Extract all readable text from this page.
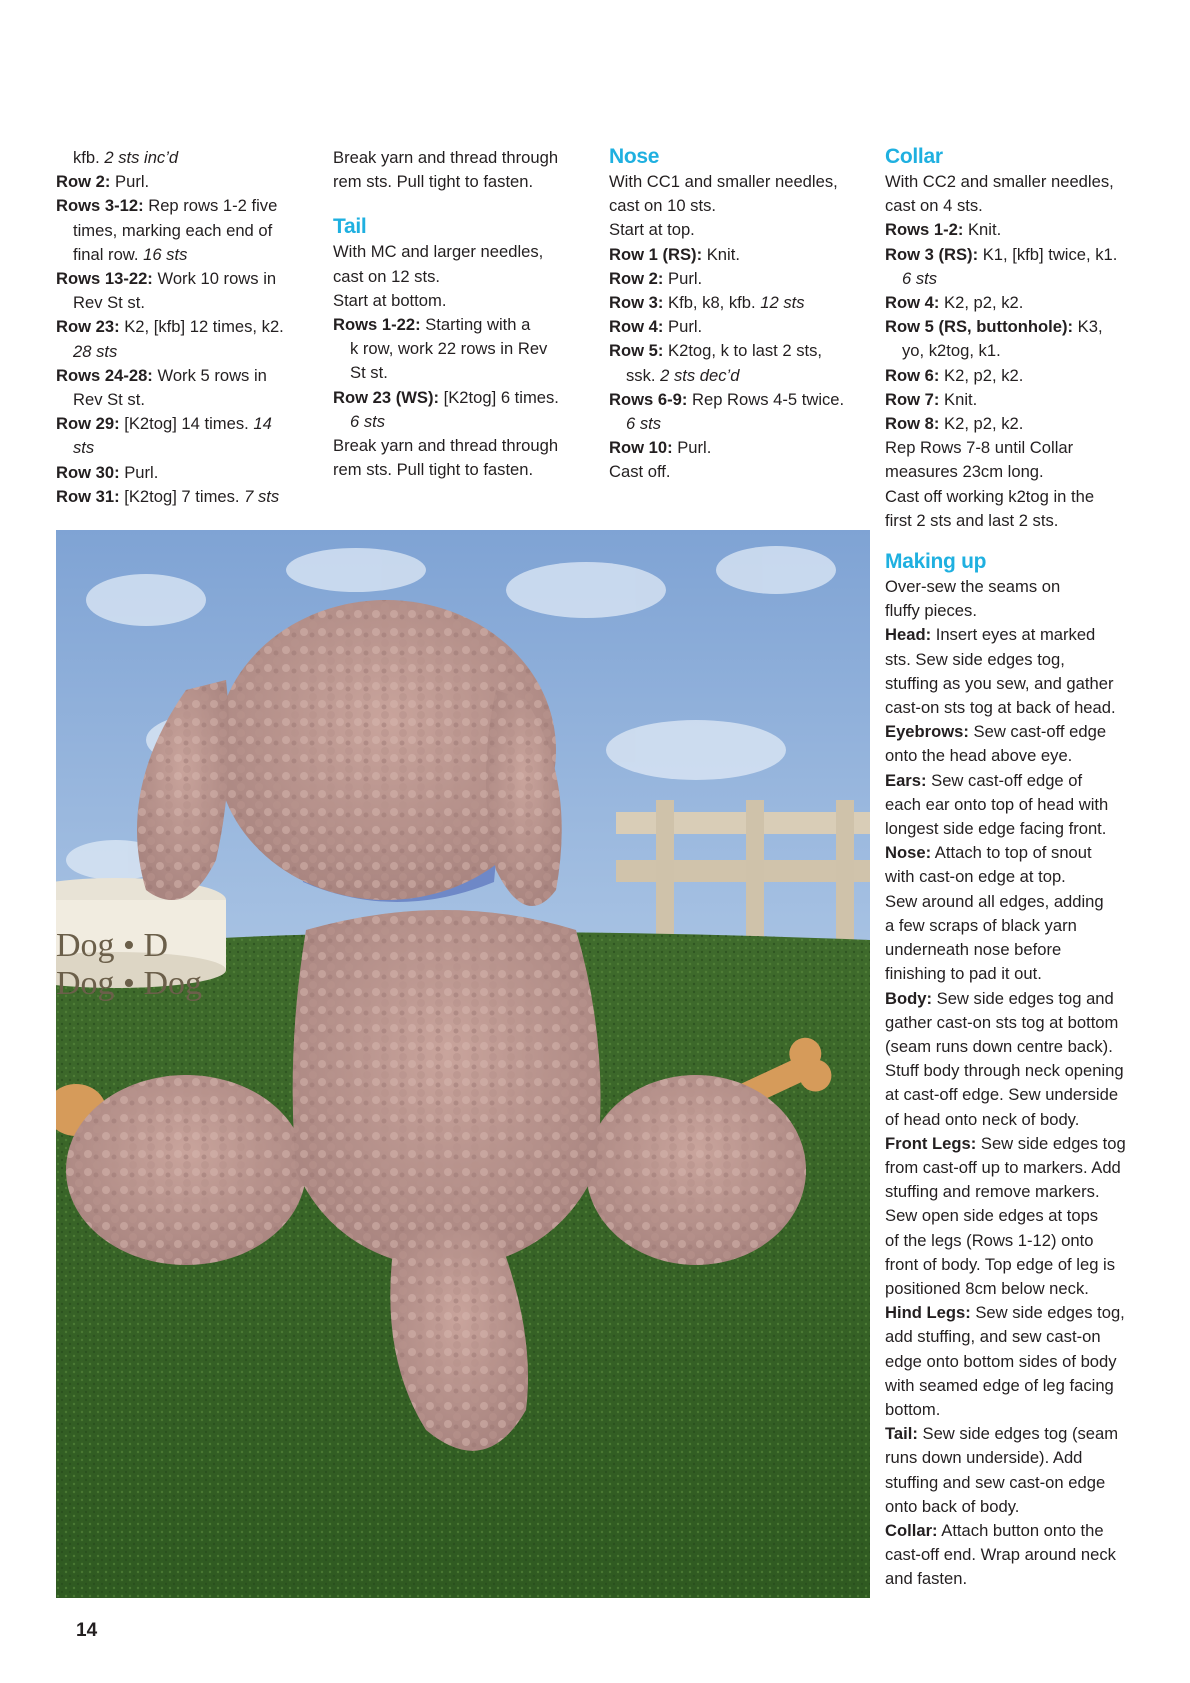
kfb. 2 sts inc’d

Row 2: Purl.

Rows 3-12: Rep rows 1-2 five

times, marking each end of

final row. 16 sts

Rows 13-22: Work 10 rows in

Rev St st.

Row 23: K2, [kfb] 12 times, k2.

28 sts

Rows 24-28: Work 5 rows in

Rev St st.

Row 29: [K2tog] 14 times. 14

sts

Row 30: Purl.

Row 31: [K2tog] 7 times. 7 sts

Break yarn and thread through

rem sts. Pull tight to fasten.

Tail

With MC and larger needles,

cast on 12 sts.

Start at bottom.

Rows 1-22: Starting with a

k row, work 22 rows in Rev

St st.

Row 23 (WS): [K2tog] 6 times.

6 sts

Break yarn and thread through

rem sts. Pull tight to fasten.

Nose

With CC1 and smaller needles,

cast on 10 sts.

Start at top.

Row 1 (RS): Knit.

Row 2: Purl.

Row 3: Kfb, k8, kfb. 12 sts

Row 4: Purl.

Row 5: K2tog, k to last 2 sts,

ssk. 2 sts dec’d

Rows 6-9: Rep Rows 4-5 twice.

6 sts

Row 10: Purl.

Cast off.

Collar

With CC2 and smaller needles,

cast on 4 sts.

Rows 1-2: Knit.

Row 3 (RS): K1, [kfb] twice, k1.

6 sts

Row 4: K2, p2, k2.

Row 5 (RS, buttonhole): K3,

yo, k2tog, k1.

Row 6: K2, p2, k2.

Row 7: Knit.

Row 8: K2, p2, k2.

Rep Rows 7-8 until Collar

measures 23cm long.

Cast off working k2tog in the

first 2 sts and last 2 sts.

Making up

Over-sew the seams on

fluffy pieces.

Head: Insert eyes at marked

sts. Sew side edges tog,

stuffing as you sew, and gather

cast-on sts tog at back of head.

Eyebrows: Sew cast-off edge

onto the head above eye.

Ears: Sew cast-off edge of

each ear onto top of head with

longest side edge facing front.

Nose: Attach to top of snout

with cast-on edge at top.

Sew around all edges, adding

a few scraps of black yarn

underneath nose before

finishing to pad it out.

Body: Sew side edges tog and

gather cast-on sts tog at bottom

(seam runs down centre back).

Stuff body through neck opening

at cast-off edge. Sew underside

of head onto neck of body.

Front Legs: Sew side edges tog

from cast-off up to markers. Add

stuffing and remove markers.

Sew open side edges at tops

of the legs (Rows 1-12) onto

front of body. Top edge of leg is

positioned 8cm below neck.

Hind Legs: Sew side edges tog,

add stuffing, and sew cast-on

edge onto bottom sides of body

with seamed edge of leg facing

bottom.

Tail: Sew side edges tog (seam

runs down underside). Add

stuffing and sew cast-on edge

onto back of body.

Collar: Attach button onto the

cast-off end. Wrap around neck

and fasten.

Dog • D
Dog • Dog
14
